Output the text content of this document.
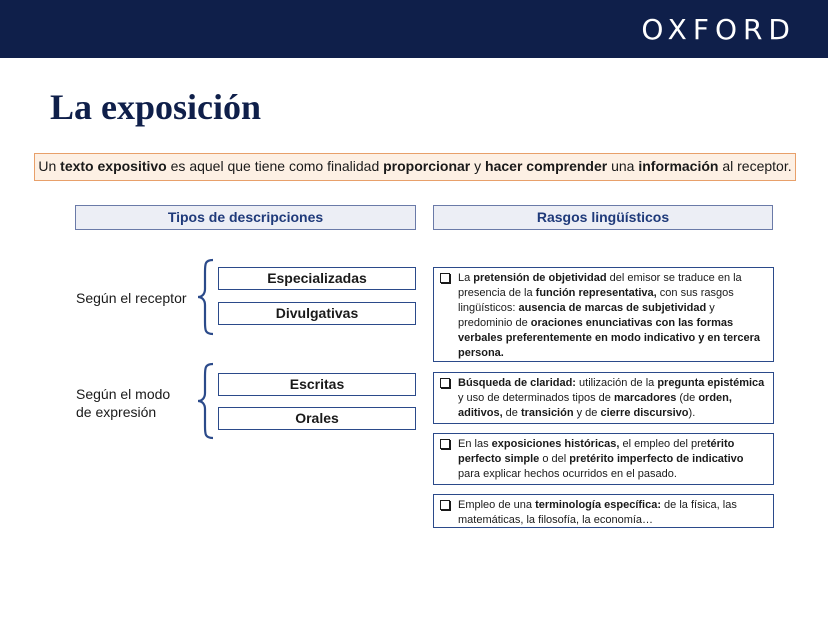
OXFORD
La exposición
Un texto expositivo es aquel que tiene como finalidad proporcionar y hacer comprender una información al receptor.
Tipos de descripciones	Rasgos lingüísticos
Según el receptor
Especializadas
Divulgativas
Según el modo
de expresión
Escritas
Orales
La pretensión de objetividad del emisor se traduce en la presencia de la función representativa, con sus rasgos lingüísticos: ausencia de marcas de subjetividad y predominio de oraciones enunciativas con las formas verbales preferentemente en modo indicativo y en tercera persona.
Búsqueda de claridad: utilización de la pregunta epistémica y uso de determinados tipos de marcadores (de orden, aditivos, de transición y de cierre discursivo).
En las exposiciones históricas, el empleo del pretérito perfecto simple o del pretérito imperfecto de indicativo para explicar hechos ocurridos en el pasado.
Empleo de una terminología específica: de la física, las matemáticas, la filosofía, la economía…
